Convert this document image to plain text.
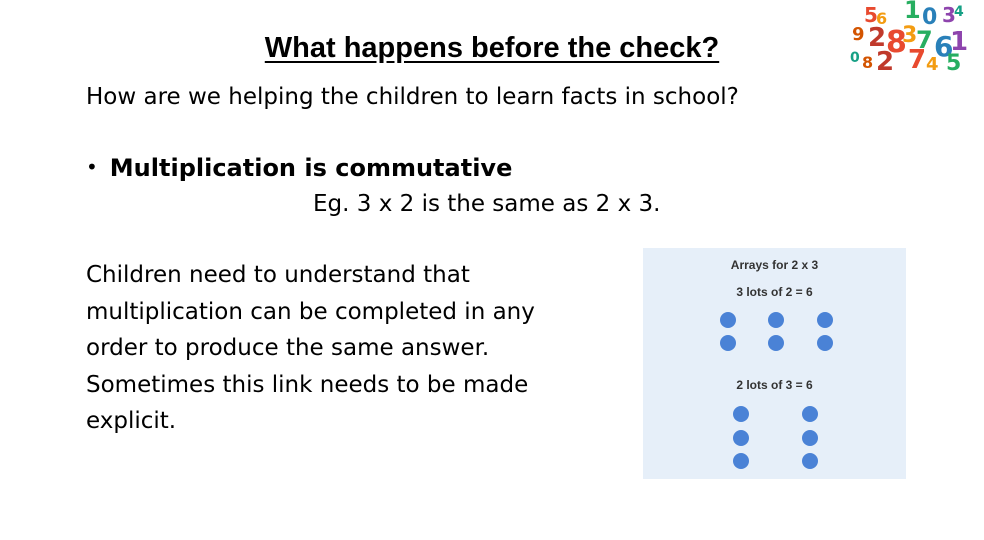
What happens before the check?
How are we helping the children to learn facts in school?
• Multiplication is commutative
Eg. 3 x 2 is the same as 2 x 3.
Children need to understand that
multiplication can be completed in any
order to produce the same answer.
Sometimes this link needs to be made
explicit.
Arrays for 2 x 3
3 lots of 2 = 6
2 lots of 3 = 6
5
6 1 0 3
4
9 2 8
3
7 6
1
0 8 2 7 4 5
